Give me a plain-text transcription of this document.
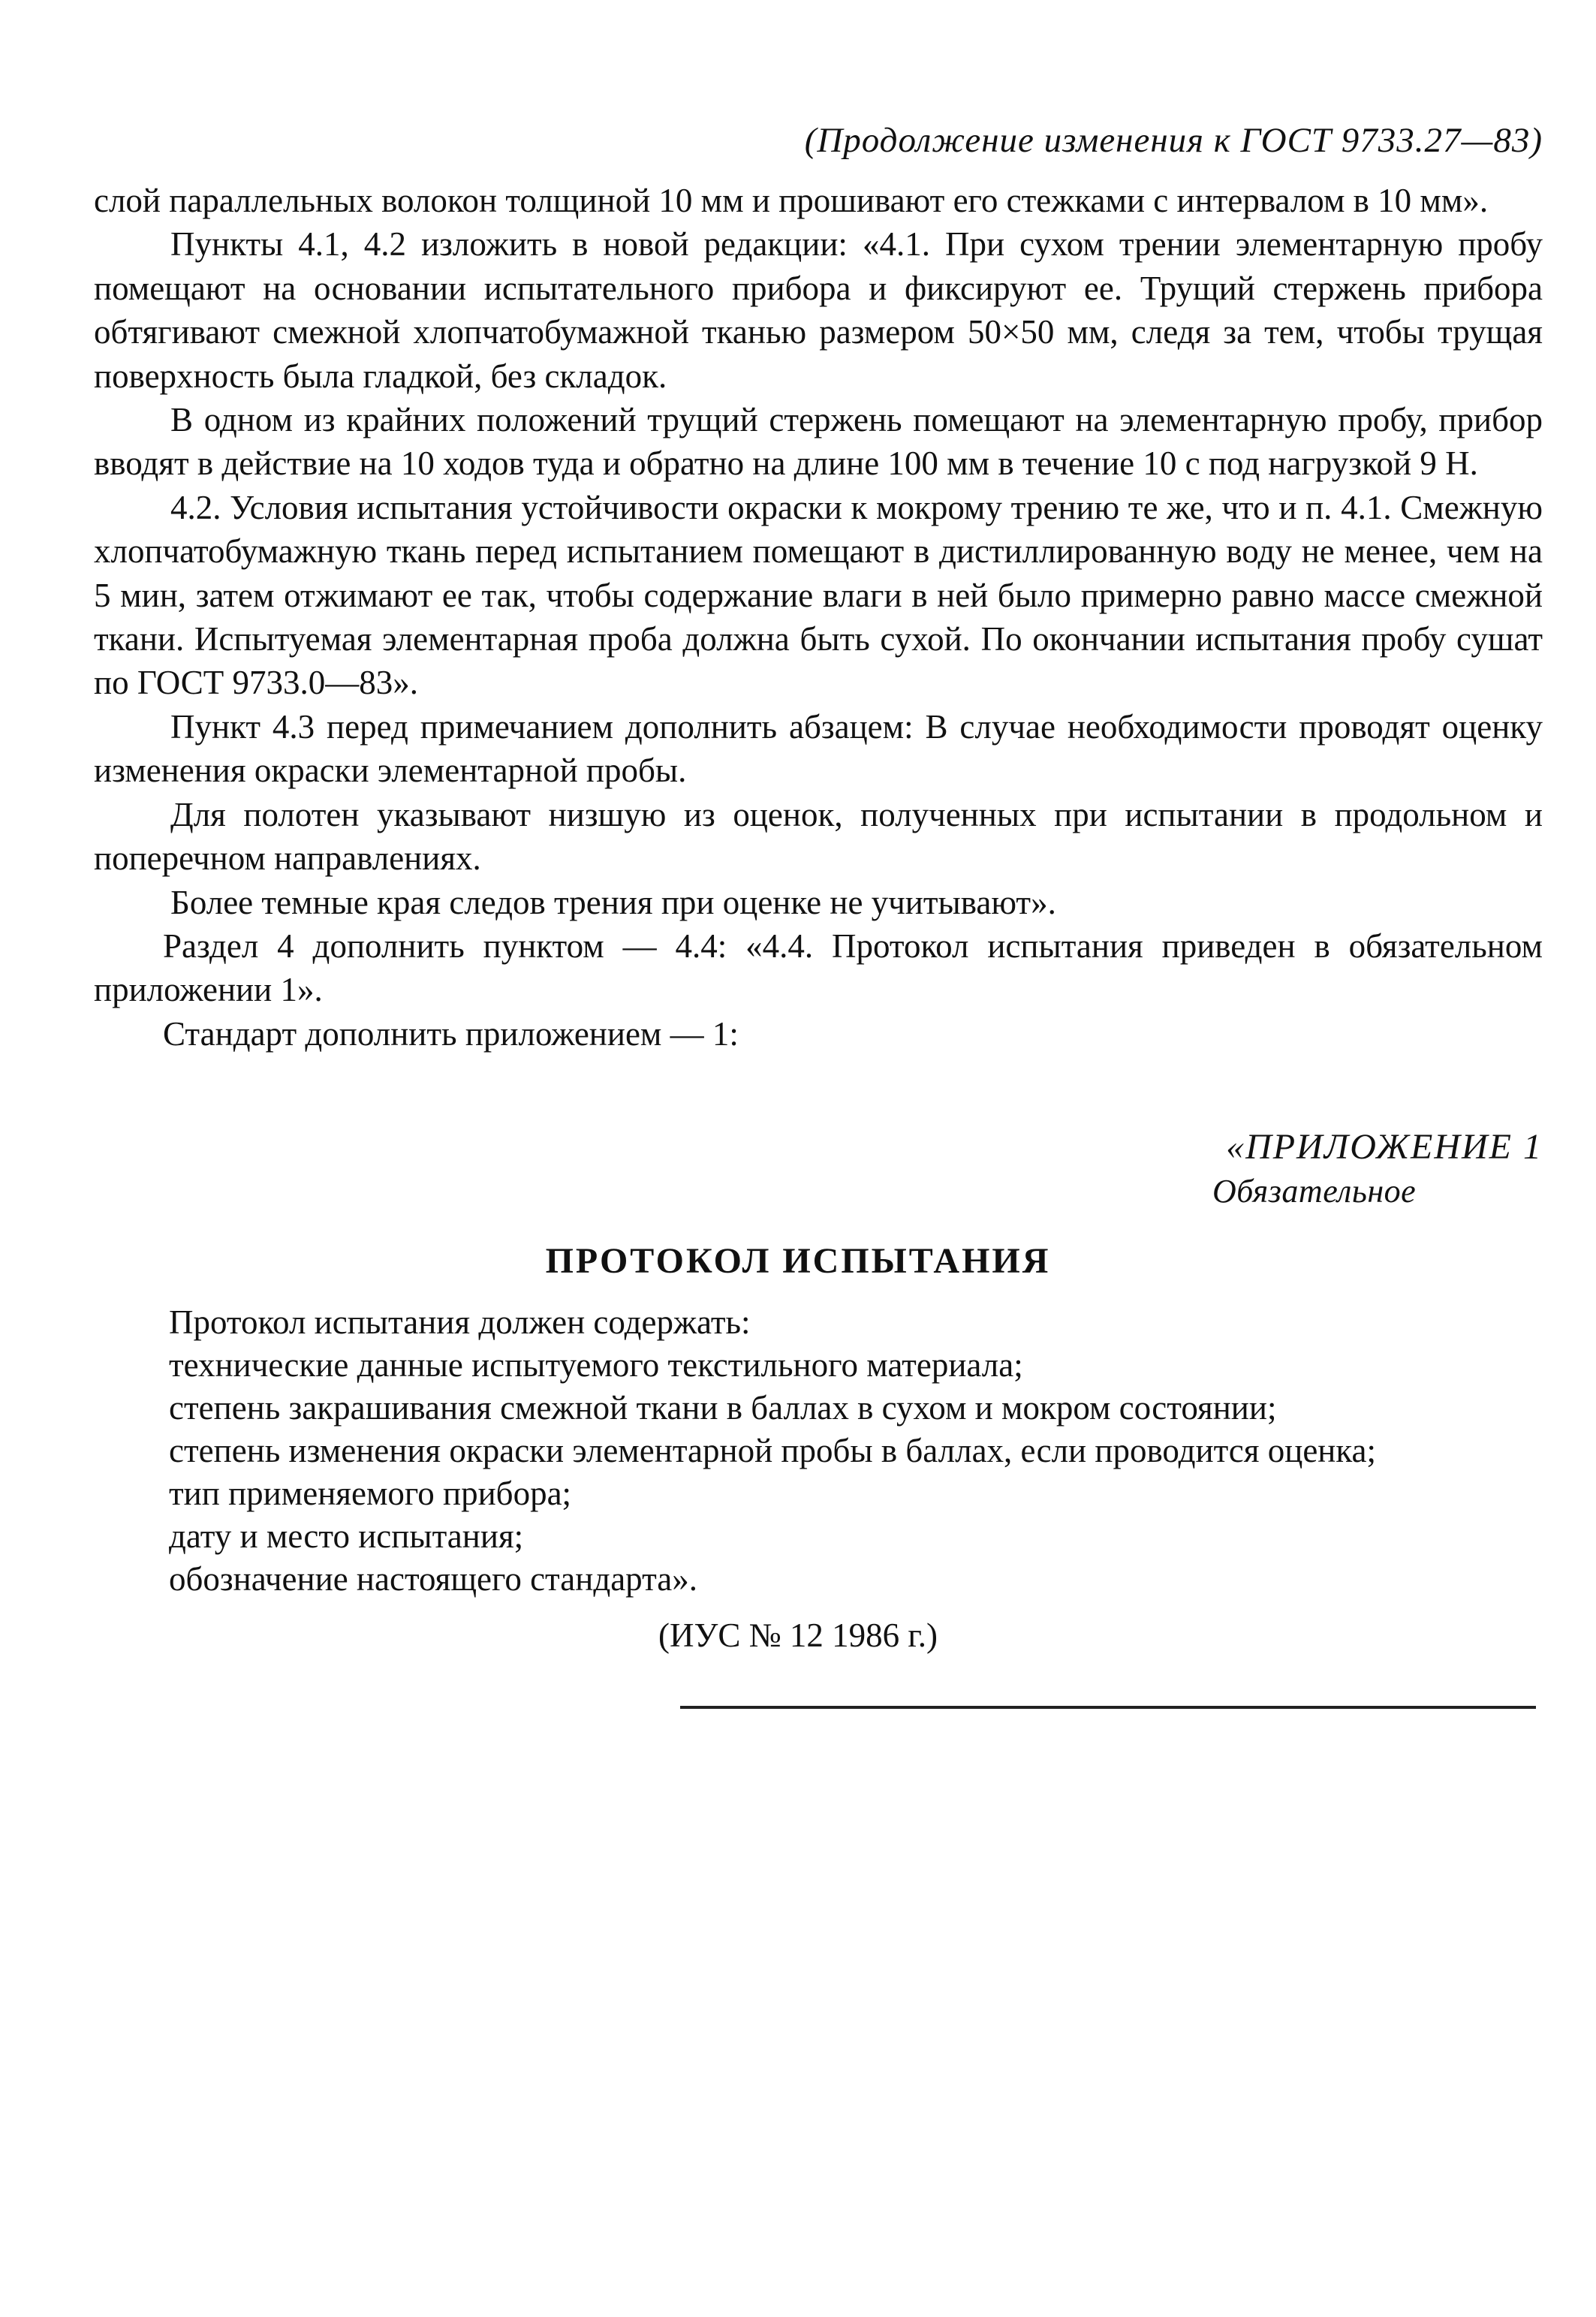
(Продолжение изменения к ГОСТ 9733.27—83)

слой параллельных волокон толщиной 10 мм и прошивают его стежками с интервалом в 10 мм».

Пункты 4.1, 4.2 изложить в новой редакции: «4.1. При сухом трении элементарную пробу помещают на основании испытательного прибора и фиксируют ее. Трущий стержень прибора обтягивают смежной хлопчатобумажной тканью размером 50×50 мм, следя за тем, чтобы трущая поверхность была гладкой, без складок.

В одном из крайних положений трущий стержень помещают на элементарную пробу, прибор вводят в действие на 10 ходов туда и обратно на длине 100 мм в течение 10 с под нагрузкой 9 Н.

4.2. Условия испытания устойчивости окраски к мокрому трению те же, что и п. 4.1. Смежную хлопчатобумажную ткань перед испытанием помещают в дистиллированную воду не менее, чем на 5 мин, затем отжимают ее так, чтобы содержание влаги в ней было примерно равно массе смежной ткани. Испытуемая элементарная проба должна быть сухой. По окончании испытания пробу сушат по ГОСТ 9733.0—83».

Пункт 4.3 перед примечанием дополнить абзацем: В случае необходимости проводят оценку изменения окраски элементарной пробы.

Для полотен указывают низшую из оценок, полученных при испытании в продольном и поперечном направлениях.

Более темные края следов трения при оценке не учитывают».

Раздел 4 дополнить пунктом — 4.4: «4.4. Протокол испытания приведен в обязательном приложении 1».

Стандарт дополнить приложением — 1:

«ПРИЛОЖЕНИЕ 1

Обязательное
ПРОТОКОЛ ИСПЫТАНИЯ

Протокол испытания должен содержать:

технические данные испытуемого текстильного материала;

степень закрашивания смежной ткани в баллах в сухом и мокром состоянии;

степень изменения окраски элементарной пробы в баллах, если проводится оценка;

тип применяемого прибора;

дату и место испытания;

обозначение настоящего стандарта».

(ИУС № 12 1986 г.)
